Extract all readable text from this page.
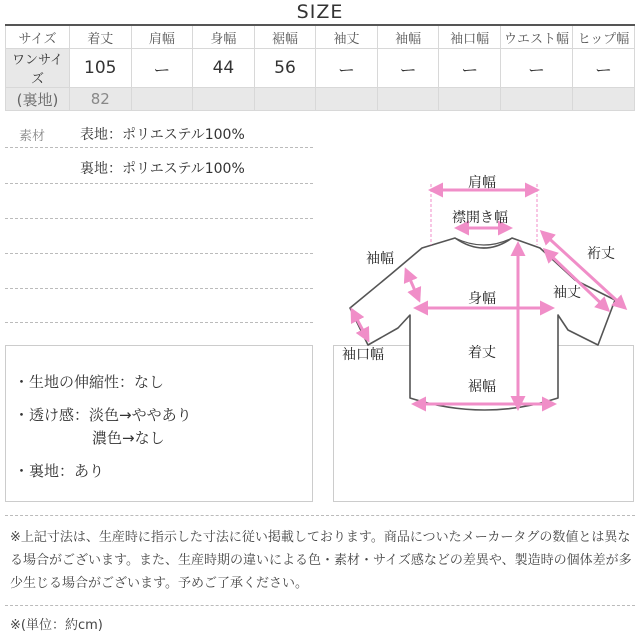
SIZE
サイズ	着丈	肩幅	身幅	裾幅	袖丈	袖幅	袖口幅	ウエスト幅	ヒップ幅
ワンサイズ	105	ー	44	56	ー	ー	ー	ー	ー
(裏地)	82								
素材 表地：ポリエステル100%
裏地：ポリエステル100%
・生地の伸縮性：なし
・透け感：淡色→ややあり
濃色→なし
・裏地：あり
肩幅
襟開き幅
袖幅	裄丈
袖丈
身幅
袖口幅	着丈
裾幅
※上記寸法は、生産時に指示した寸法に従い掲載しております。商品についたメーカータグの数値とは異なる場合がございます。また、生産時期の違いによる色・素材・サイズ感などの差異や、製造時の個体差が多少生じる場合がございます。予めご了承ください。
※(単位：約cm)
